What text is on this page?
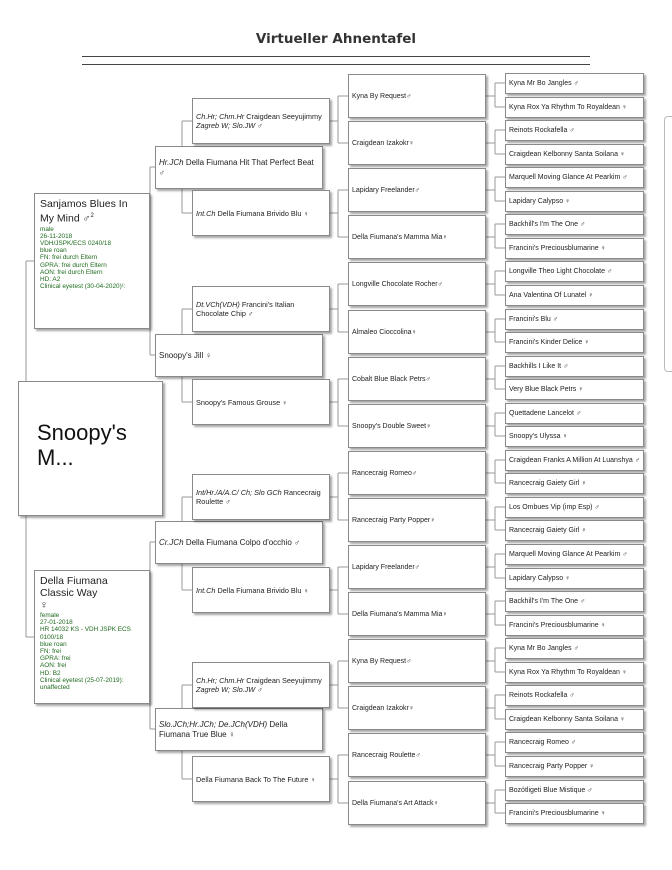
Virtueller Ahnentafel
Snoopy's M...
Sanjamos Blues In My Mind ♂$^2$
male
26-11-2018
VDH/JSPK/ECS 0240/18
blue roan
FN: frei durch Eltern
GPRA: frei durch Eltern
AON: frei durch Eltern
HD: A2
Clinical eyetest (30-04-2020)¹:
Della Fiumana Classic Way
♀
female
27-01-2018
HR 14032 KS - VDH JSPK ECS 0100/18
blue roan
FN: frei
GPRA: frei
AON: frei
HD: B2
Clinical eyetest (25-07-2019): unaffected
Hr.JCh Della Fiumana Hit That Perfect Beat ♂
Snoopy's Jill ♀
Cr.JCh Della Fiumana Colpo d'occhio ♂
Slo.JCh;Hr.JCh; De.JCh(VDH) Della Fiumana True Blue ♀
Ch.Hr; Chm.Hr Craigdean Seeyujimmy Zagreb W; Slo.JW ♂
Int.Ch Della Fiumana Brivido Blu ♀
Dt.VCh(VDH) Francini's Italian Chocolate Chip ♂
Snoopy's Famous Grouse ♀
Int/Hr./A/A.C/ Ch; Slo GCh Rancecraig Roulette ♂
Int.Ch Della Fiumana Brivido Blu ♀
Ch.Hr; Chm.Hr Craigdean Seeyujimmy Zagreb W; Slo.JW ♂
Della Fiumana Back To The Future ♀
Kyna By Request ♂
Craigdean Izakokr ♀
Lapidary Freelander ♂
Della Fiumana's Mamma Mia ♀
Longville Chocolate Rocher ♂
Almaleo Cioccolina ♀
Cobalt Blue Black Petrs ♂
Snoopy's Double Sweet ♀
Rancecraig Romeo ♂
Rancecraig Party Popper ♀
Lapidary Freelander ♂
Della Fiumana's Mamma Mia ♀
Kyna By Request ♂
Craigdean Izakokr ♀
Rancecraig Roulette ♂
Della Fiumana's Art Attack ♀
Kyna Mr Bo Jangles ♂
Kyna Rox Ya Rhythm To Royaldean ♀
Reinots Rockafella ♂
Craigdean Kelbonny Santa Soilana ♀
Marquell Moving Glance At Pearkim ♂
Lapidary Calypso ♀
Backhill's I'm The One ♂
Francini's Preciousblumarine ♀
Longville Theo Light Chocolate ♂
Ana Valentina Of Lunatel ♀
Francini's Blu ♂
Francini's Kinder Delice ♀
Backhills I Like It ♂
Very Blue Black Petrs ♀
Quettadene Lancelot ♂
Snoopy's Ulyssa ♀
Craigdean Franks A Million At Luanshya ♂
Rancecraig Gaiety Girl ♀
Los Ombues Vip (imp Esp) ♂
Rancecraig Gaiety Girl ♀
Marquell Moving Glance At Pearkim ♂
Lapidary Calypso ♀
Backhill's I'm The One ♂
Francini's Preciousblumarine ♀
Kyna Mr Bo Jangles ♂
Kyna Rox Ya Rhythm To Royaldean ♀
Reinots Rockafella ♂
Craigdean Kelbonny Santa Soilana ♀
Rancecraig Romeo ♂
Rancecraig Party Popper ♀
Bozótligeti Blue Mistique ♂
Francini's Preciousblumarine ♀
